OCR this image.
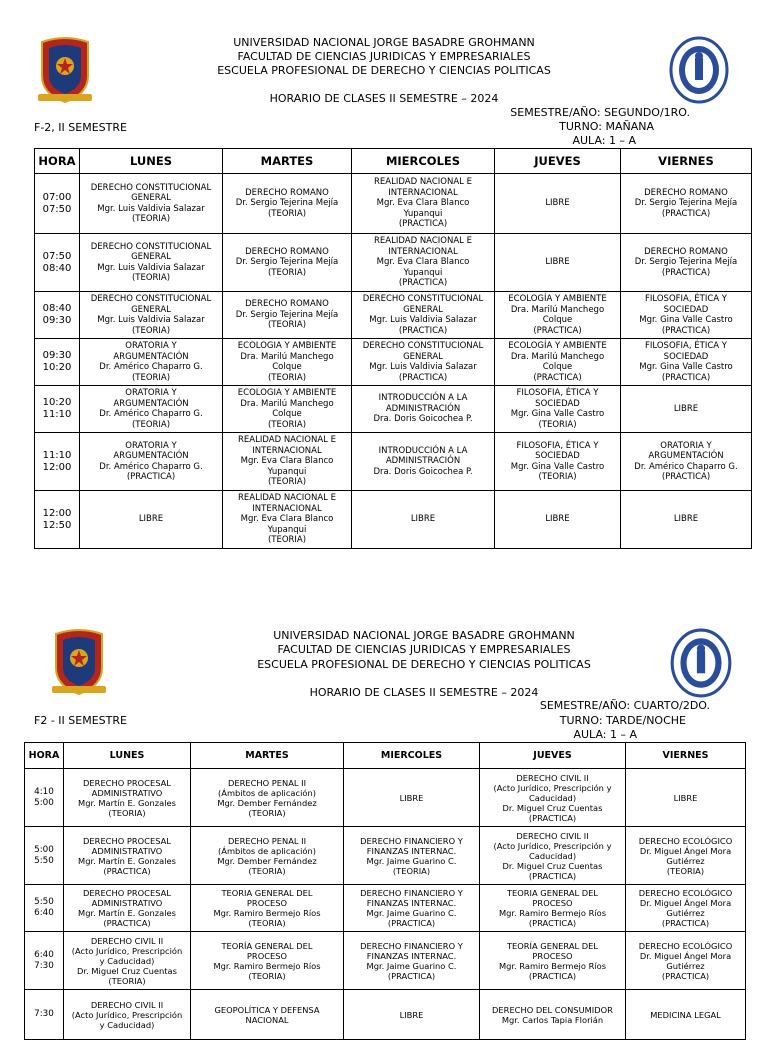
UNIVERSIDAD NACIONAL JORGE BASADRE GROHMANN
FACULTAD DE CIENCIAS JURIDICAS Y EMPRESARIALES
ESCUELA PROFESIONAL DE DERECHO Y CIENCIAS POLITICAS
HORARIO DE CLASES II SEMESTRE – 2024
SEMESTRE/AÑO: SEGUNDO/1RO.
TURNO: MAÑANA
AULA: 1 – A
F-2, II SEMESTRE
HORA	LUNES	MARTES	MIERCOLES	JUEVES	VIERNES
07:00
07:50	DERECHO CONSTITUCIONAL
GENERAL
Mgr. Luis Valdivia Salazar
(TEORIA)	DERECHO ROMANO
Dr. Sergio Tejerina Mejía
(TEORIA)	REALIDAD NACIONAL E
INTERNACIONAL
Mgr. Eva Clara Blanco
Yupanqui
(PRACTICA)	LIBRE	DERECHO ROMANO
Dr. Sergio Tejerina Mejía
(PRACTICA)
07:50
08:40	DERECHO CONSTITUCIONAL
GENERAL
Mgr. Luis Valdivia Salazar
(TEORIA)	DERECHO ROMANO
Dr. Sergio Tejerina Mejía
(TEORIA)	REALIDAD NACIONAL E
INTERNACIONAL
Mgr. Eva Clara Blanco
Yupanqui
(PRACTICA)	LIBRE	DERECHO ROMANO
Dr. Sergio Tejerina Mejía
(PRACTICA)
08:40
09:30	DERECHO CONSTITUCIONAL
GENERAL
Mgr. Luis Valdivia Salazar
(TEORIA)	DERECHO ROMANO
Dr. Sergio Tejerina Mejía
(TEORIA)	DERECHO CONSTITUCIONAL
GENERAL
Mgr. Luis Valdivia Salazar
(PRACTICA)	ECOLOGÍA Y AMBIENTE
Dra. Marilú Manchego
Colque
(PRACTICA)	FILOSOFIA, ÉTICA Y
SOCIEDAD
Mgr. Gina Valle Castro
(PRACTICA)
09:30
10:20	ORATORIA Y
ARGUMENTACIÓN
Dr. Américo Chaparro G.
(TEORIA)	ECOLOGIA Y AMBIENTE
Dra. Marilú Manchego
Colque
(TEORIA)	DERECHO CONSTITUCIONAL
GENERAL
Mgr. Luis Valdivia Salazar
(PRACTICA)	ECOLOGÍA Y AMBIENTE
Dra. Marilú Manchego
Colque
(PRACTICA)	FILOSOFIA, ÉTICA Y
SOCIEDAD
Mgr. Gina Valle Castro
(PRACTICA)
10:20
11:10	ORATORIA Y
ARGUMENTACIÓN
Dr. Américo Chaparro G.
(TEORIA)	ECOLOGIA Y AMBIENTE
Dra. Marilú Manchego
Colque
(TEORIA)	INTRODUCCIÓN A LA
ADMINISTRACIÓN
Dra. Doris Goicochea P.	FILOSOFIA, ÉTICA Y
SOCIEDAD
Mgr. Gina Valle Castro
(TEORIA)	LIBRE
11:10
12:00	ORATORIA Y
ARGUMENTACIÓN
Dr. Américo Chaparro G.
(PRACTICA)	REALIDAD NACIONAL E
INTERNACIONAL
Mgr. Eva Clara Blanco
Yupanqui
(TEORIA)	INTRODUCCIÓN A LA
ADMINISTRACIÓN
Dra. Doris Goicochea P.	FILOSOFIA, ÉTICA Y
SOCIEDAD
Mgr. Gina Valle Castro
(TEORIA)	ORATORIA Y
ARGUMENTACIÓN
Dr. Américo Chaparro G.
(PRACTICA)
12:00
12:50	LIBRE	REALIDAD NACIONAL E
INTERNACIONAL
Mgr. Eva Clara Blanco
Yupanqui
(TEORIA)	LIBRE	LIBRE	LIBRE
UNIVERSIDAD NACIONAL JORGE BASADRE GROHMANN
FACULTAD DE CIENCIAS JURIDICAS Y EMPRESARIALES
ESCUELA PROFESIONAL DE DERECHO Y CIENCIAS POLITICAS
HORARIO DE CLASES II SEMESTRE – 2024
SEMESTRE/AÑO: CUARTO/2DO.
TURNO: TARDE/NOCHE
AULA: 1 – A
F2 - II SEMESTRE
HORA	LUNES	MARTES	MIERCOLES	JUEVES	VIERNES
4:10
5:00	DERECHO PROCESAL
ADMINISTRATIVO
Mgr. Martín E. Gonzales
(TEORIA)	DERECHO PENAL II
(Ámbitos de aplicación)
Mgr. Dember Fernández
(TEORIA)	LIBRE	DERECHO CIVIL II
(Acto Jurídico, Prescripción y
Caducidad)
Dr. Miguel Cruz Cuentas
(PRACTICA)	LIBRE
5:00
5:50	DERECHO PROCESAL
ADMINISTRATIVO
Mgr. Martín E. Gonzales
(PRACTICA)	DERECHO PENAL II
(Ámbitos de aplicación)
Mgr. Dember Fernández
(TEORIA)	DERECHO FINANCIERO Y
FINANZAS INTERNAC.
Mgr. Jaime Guarino C.
(TEORIA)	DERECHO CIVIL II
(Acto Jurídico, Prescripción y
Caducidad)
Dr. Miguel Cruz Cuentas
(PRACTICA)	DERECHO ECOLÓGICO
Dr. Miguel Ángel Mora
Gutiérrez
(TEORIA)
5:50
6:40	DERECHO PROCESAL
ADMINISTRATIVO
Mgr. Martín E. Gonzales
(PRACTICA)	TEORIA GENERAL DEL
PROCESO
Mgr. Ramiro Bermejo Ríos
(TEORIA)	DERECHO FINANCIERO Y
FINANZAS INTERNAC.
Mgr. Jaime Guarino C.
(PRACTICA)	TEORIA GENERAL DEL
PROCESO
Mgr. Ramiro Bermejo Ríos
(PRACTICA)	DERECHO ECOLÓGICO
Dr. Miguel Ángel Mora
Gutiérrez
(PRACTICA)
6:40
7:30	DERECHO CIVIL II
(Acto Jurídico, Prescripción
y Caducidad)
Dr. Miguel Cruz Cuentas
(TEORIA)	TEORÍA GENERAL DEL
PROCESO
Mgr. Ramiro Bermejo Ríos
(TEORIA)	DERECHO FINANCIERO Y
FINANZAS INTERNAC.
Mgr. Jaime Guarino C.
(PRACTICA)	TEORÍA GENERAL DEL
PROCESO
Mgr. Ramiro Bermejo Ríos
(PRACTICA)	DERECHO ECOLÓGICO
Dr. Miguel Ángel Mora
Gutiérrez
(PRACTICA)
7:30	DERECHO CIVIL II
(Acto Jurídico, Prescripción
y Caducidad)	GEOPOLÍTICA Y DEFENSA
NACIONAL	LIBRE	DERECHO DEL CONSUMIDOR
Mgr. Carlos Tapia Florián	MEDICINA LEGAL
